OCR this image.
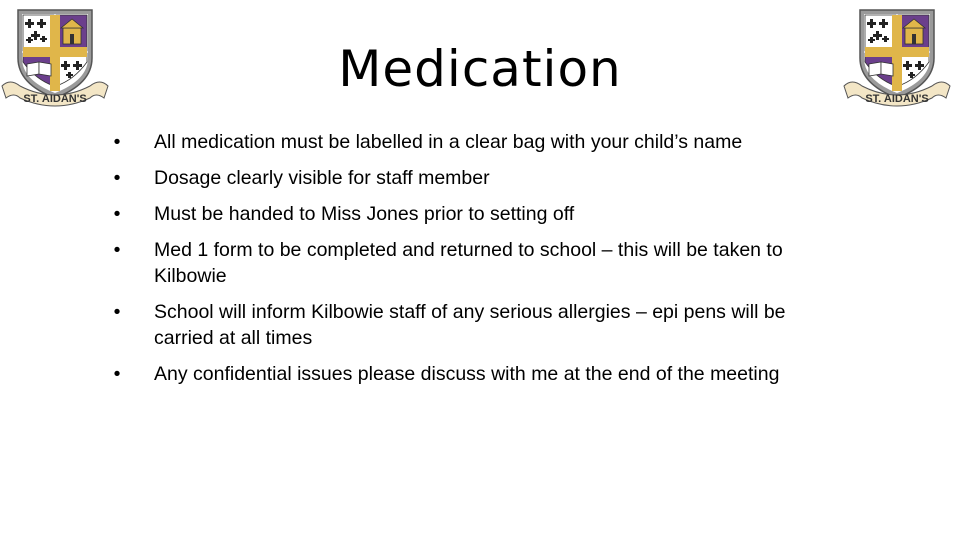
ST. AIDAN'S
Medication
ST. AIDAN'S
• All medication must be labelled in a clear bag with your child’s name
• Dosage clearly visible for staff member
• Must be handed to Miss Jones prior to setting off
• Med 1 form to be completed and returned to school – this will be taken to Kilbowie
• School will inform Kilbowie staff of any serious allergies – epi pens will be carried at all times
• Any confidential issues please discuss with me at the end of the meeting
